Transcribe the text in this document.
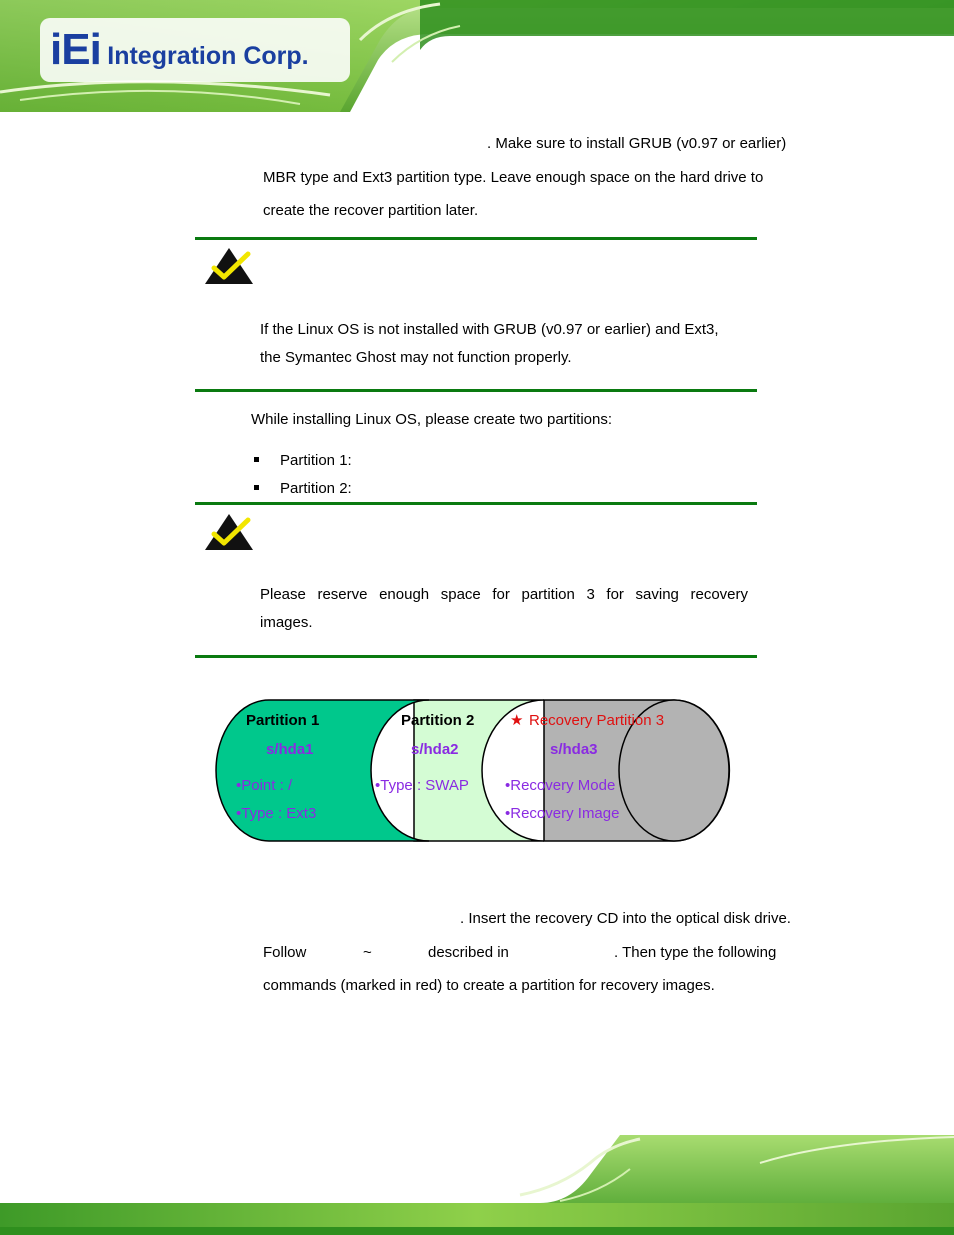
iEi Integration Corp.
. Make sure to install GRUB (v0.97 or earlier)
MBR type and Ext3 partition type. Leave enough space on the hard drive to
create the recover partition later.
If the Linux OS is not installed with GRUB (v0.97 or earlier) and Ext3,
the Symantec Ghost may not function properly.
While installing Linux OS, please create two partitions:
Partition 1:
Partition 2:
Please reserve enough space for partition 3 for saving recovery
images.
Partition 1
s/hda1
•Point : /
•Type : Ext3
Partition 2
s/hda2
•Type : SWAP
★ Recovery Partition 3
s/hda3
•Recovery Mode
•Recovery Image
. Insert the recovery CD into the optical disk drive.
Follow	~	described in	. Then type the following
commands (marked in red) to create a partition for recovery images.
